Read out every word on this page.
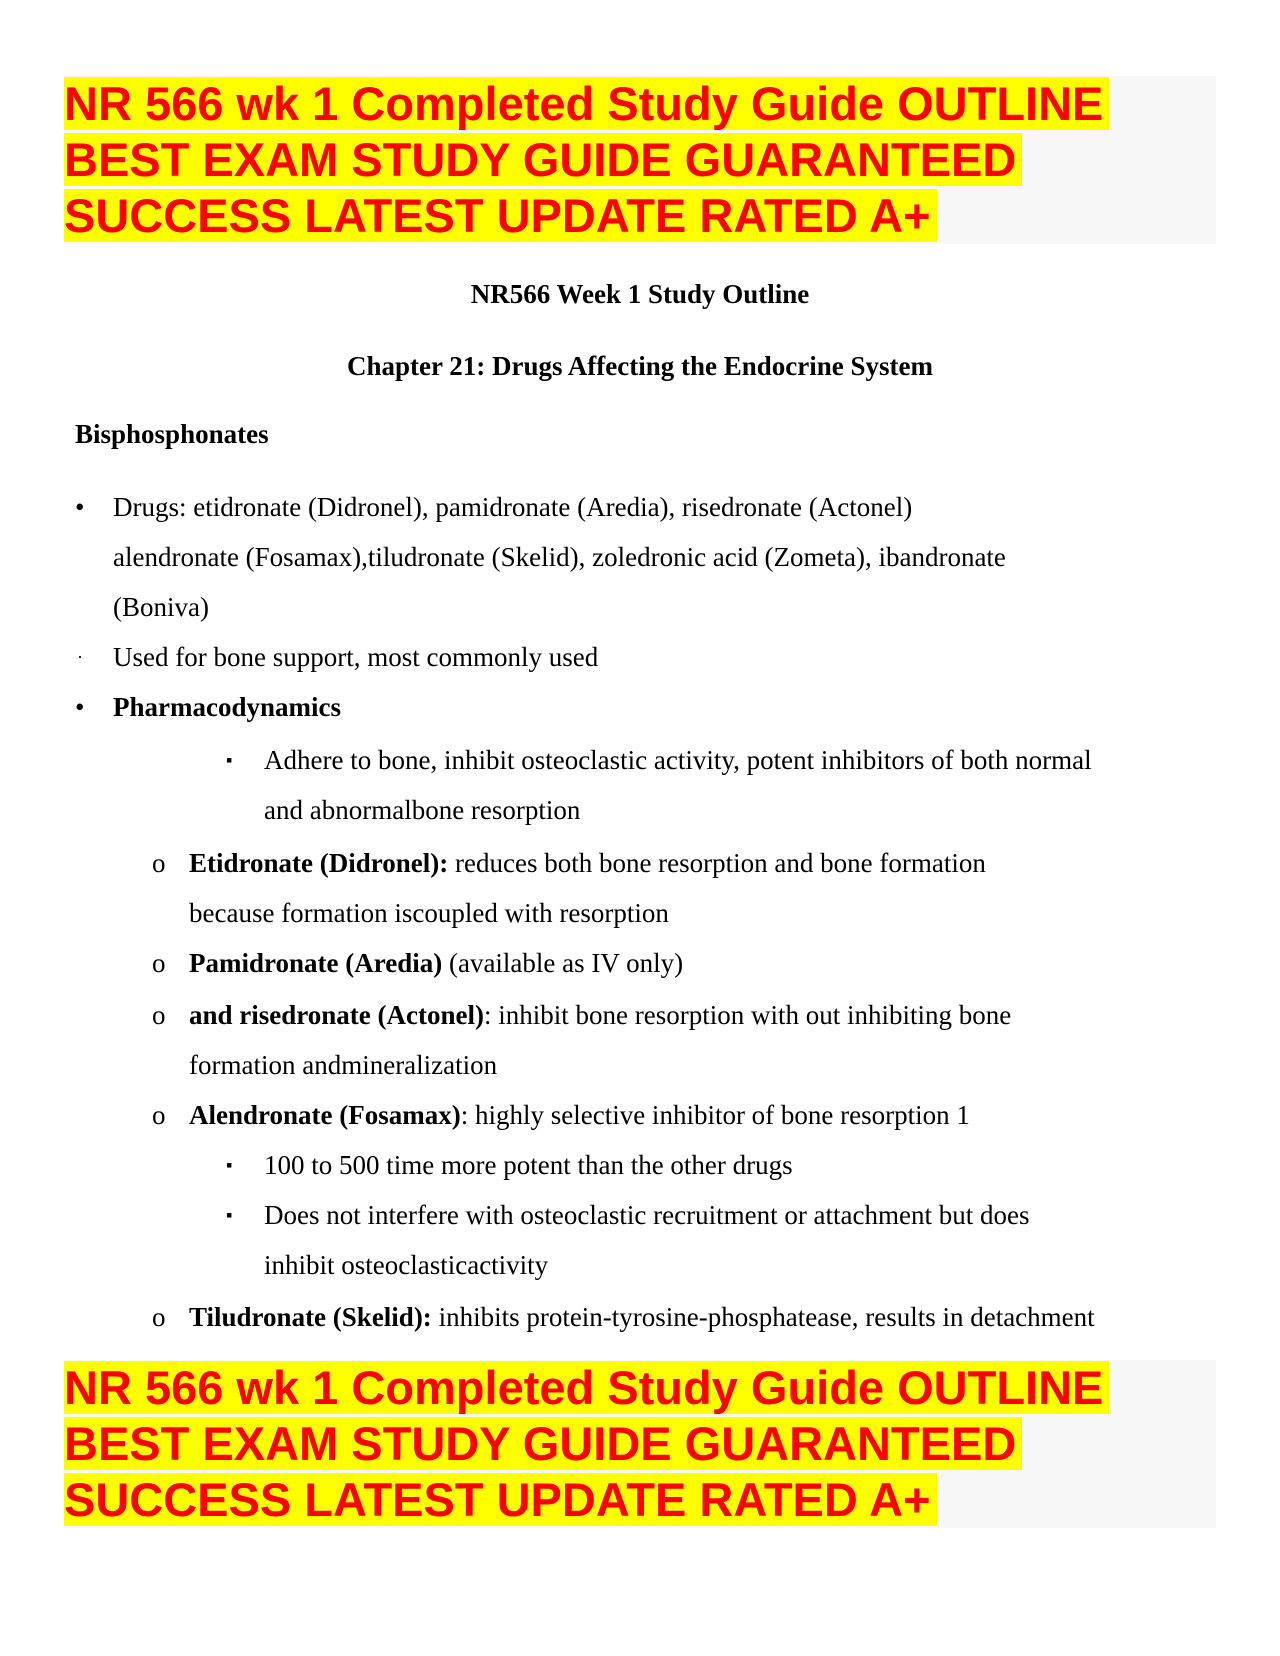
NR 566 wk 1 Completed Study Guide OUTLINE
BEST EXAM STUDY GUIDE GUARANTEED
SUCCESS LATEST UPDATE RATED A+
NR566 Week 1 Study Outline
Chapter 21: Drugs Affecting the Endocrine System
Bisphosphonates
• Drugs: etidronate (Didronel), pamidronate (Aredia), risedronate (Actonel)
alendronate (Fosamax),tiludronate (Skelid), zoledronic acid (Zometa), ibandronate
(Boniva)
· Used for bone support, most commonly used
• Pharmacodynamics
▪ Adhere to bone, inhibit osteoclastic activity, potent inhibitors of both normal
and abnormalbone resorption
o Etidronate (Didronel): reduces both bone resorption and bone formation
because formation iscoupled with resorption
o Pamidronate (Aredia) (available as IV only)
o and risedronate (Actonel): inhibit bone resorption with out inhibiting bone
formation andmineralization
o Alendronate (Fosamax): highly selective inhibitor of bone resorption 1
▪ 100 to 500 time more potent than the other drugs
▪ Does not interfere with osteoclastic recruitment or attachment but does
inhibit osteoclasticactivity
o Tiludronate (Skelid): inhibits protein-tyrosine-phosphatease, results in detachment
NR 566 wk 1 Completed Study Guide OUTLINE
BEST EXAM STUDY GUIDE GUARANTEED
SUCCESS LATEST UPDATE RATED A+
